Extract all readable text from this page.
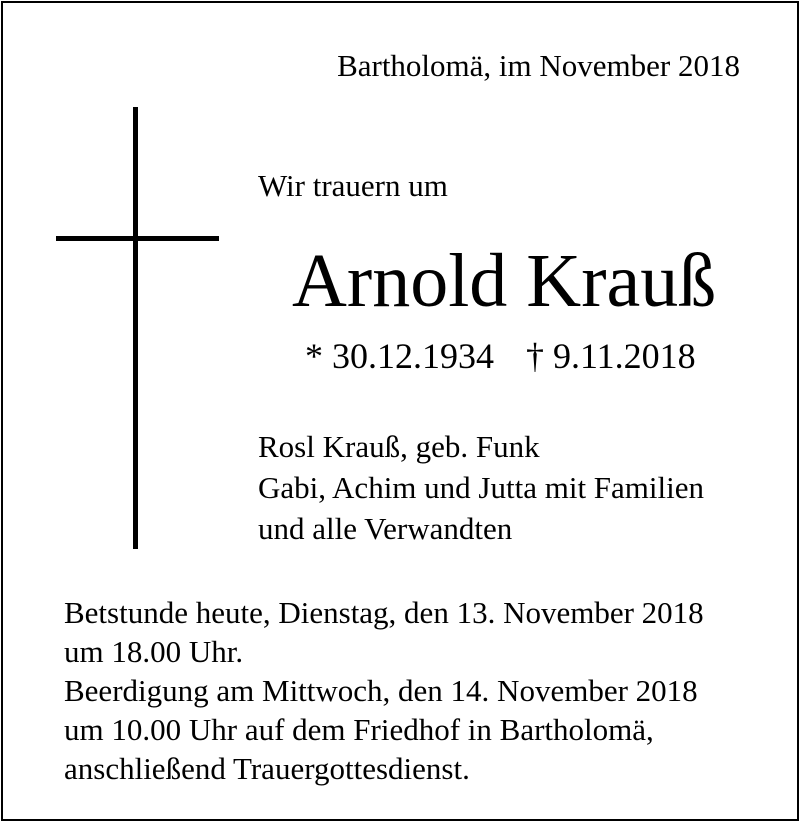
Bartholomä, im November 2018
Wir trauern um
Arnold Krauß
* 30.12.1934 † 9.11.2018
Rosl Krauß, geb. Funk
Gabi, Achim und Jutta mit Familien
und alle Verwandten
Betstunde heute, Dienstag, den 13. November 2018
um 18.00 Uhr.
Beerdigung am Mittwoch, den 14. November 2018
um 10.00 Uhr auf dem Friedhof in Bartholomä,
anschließend Trauergottesdienst.
